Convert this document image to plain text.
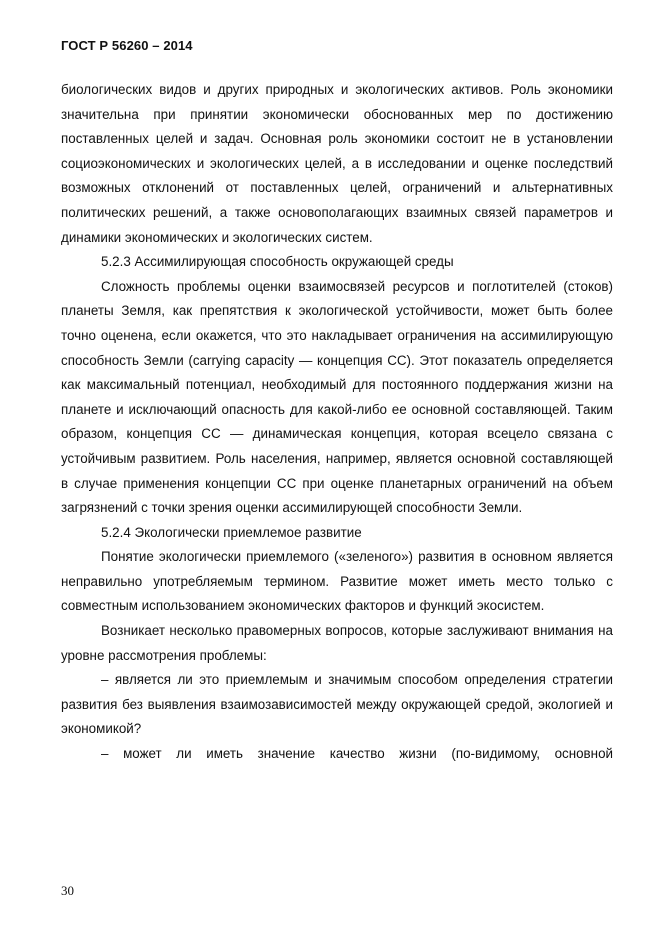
ГОСТ Р 56260 – 2014

биологических видов и других природных и экологических активов. Роль экономики значительна при принятии экономически обоснованных мер по достижению поставленных целей и задач. Основная роль экономики состоит не в установлении социоэкономических и экологических целей, а в исследовании и оценке последствий возможных отклонений от поставленных целей, ограничений и альтернативных политических решений, а также основополагающих взаимных связей параметров и динамики экономических и экологических систем.

5.2.3 Ассимилирующая способность окружающей среды

Сложность проблемы оценки взаимосвязей ресурсов и поглотителей (стоков) планеты Земля, как препятствия к экологической устойчивости, может быть более точно оценена, если окажется, что это накладывает ограничения на ассимилирующую способность Земли (carrying capacity — концепция СС). Этот показатель определяется как максимальный потенциал, необходимый для постоянного поддержания жизни на планете и исключающий опасность для какой-либо ее основной составляющей. Таким образом, концепция СС — динамическая концепция, которая всецело связана с устойчивым развитием. Роль населения, например, является основной составляющей в случае применения концепции СС при оценке планетарных ограничений на объем загрязнений с точки зрения оценки ассимилирующей способности Земли.

5.2.4 Экологически приемлемое развитие

Понятие экологически приемлемого («зеленого») развития в основном является неправильно употребляемым термином. Развитие может иметь место только с совместным использованием экономических факторов и функций экосистем.

Возникает несколько правомерных вопросов, которые заслуживают внимания на уровне рассмотрения проблемы:

– является ли это приемлемым и значимым способом определения стратегии развития без выявления взаимозависимостей между окружающей средой, экологией и экономикой?

– может ли иметь значение качество жизни (по-видимому, основной

30
